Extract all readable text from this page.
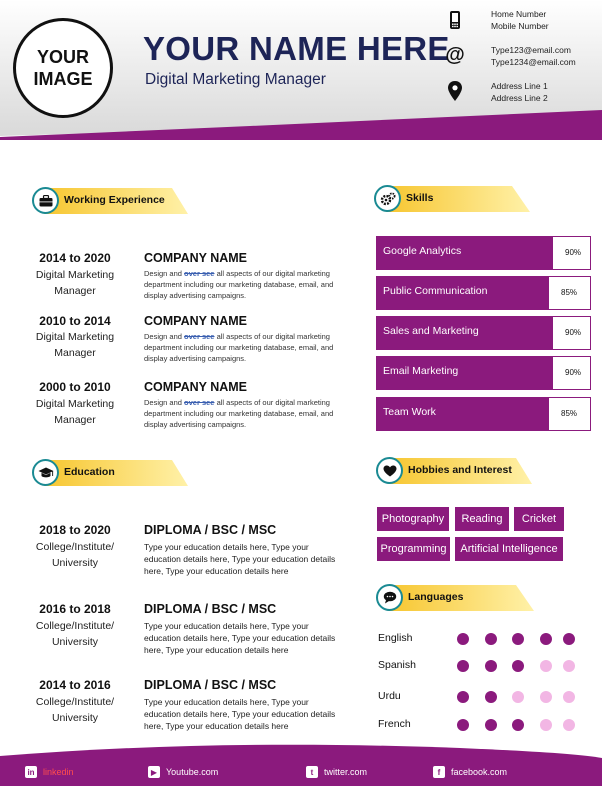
YOUR
IMAGE
YOUR NAME HERE
Digital Marketing Manager
Home Number
Mobile Number
@	Type123@email.com
Type1234@email.com
Address Line 1
Address Line 2
Working Experience
2014 to 2020
Digital Marketing Manager
COMPANY NAME
Design and over see all aspects of our digital marketing department including our marketing database, email, and display advertising campaigns.
2010 to 2014
Digital Marketing Manager
COMPANY NAME
Design and over see all aspects of our digital marketing department including our marketing database, email, and display advertising campaigns.
2000 to 2010
Digital Marketing Manager
COMPANY NAME
Design and over see all aspects of our digital marketing department including our marketing database, email, and display advertising campaigns.
Education
2018 to 2020
College/Institute/ University
DIPLOMA / BSC / MSC
Type your education details here, Type your education details here, Type your education details here, Type your education details here
2016 to 2018
College/Institute/ University
DIPLOMA / BSC / MSC
Type your education details here, Type your education details here, Type your education details here, Type your education details here
2014 to 2016
College/Institute/ University
DIPLOMA / BSC / MSC
Type your education details here, Type your education details here, Type your education details here, Type your education details here
Skills
Google Analytics	90%
Public Communication	85%
Sales and Marketing	90%
Email Marketing	90%
Team Work	85%
Hobbies and Interest
Photography	Reading	Cricket
Programming	Artificial Intelligence
Languages
English
Spanish
Urdu
French
in linkedin	▶ Youtube.com	t	twitter.com	f	facebook.com
